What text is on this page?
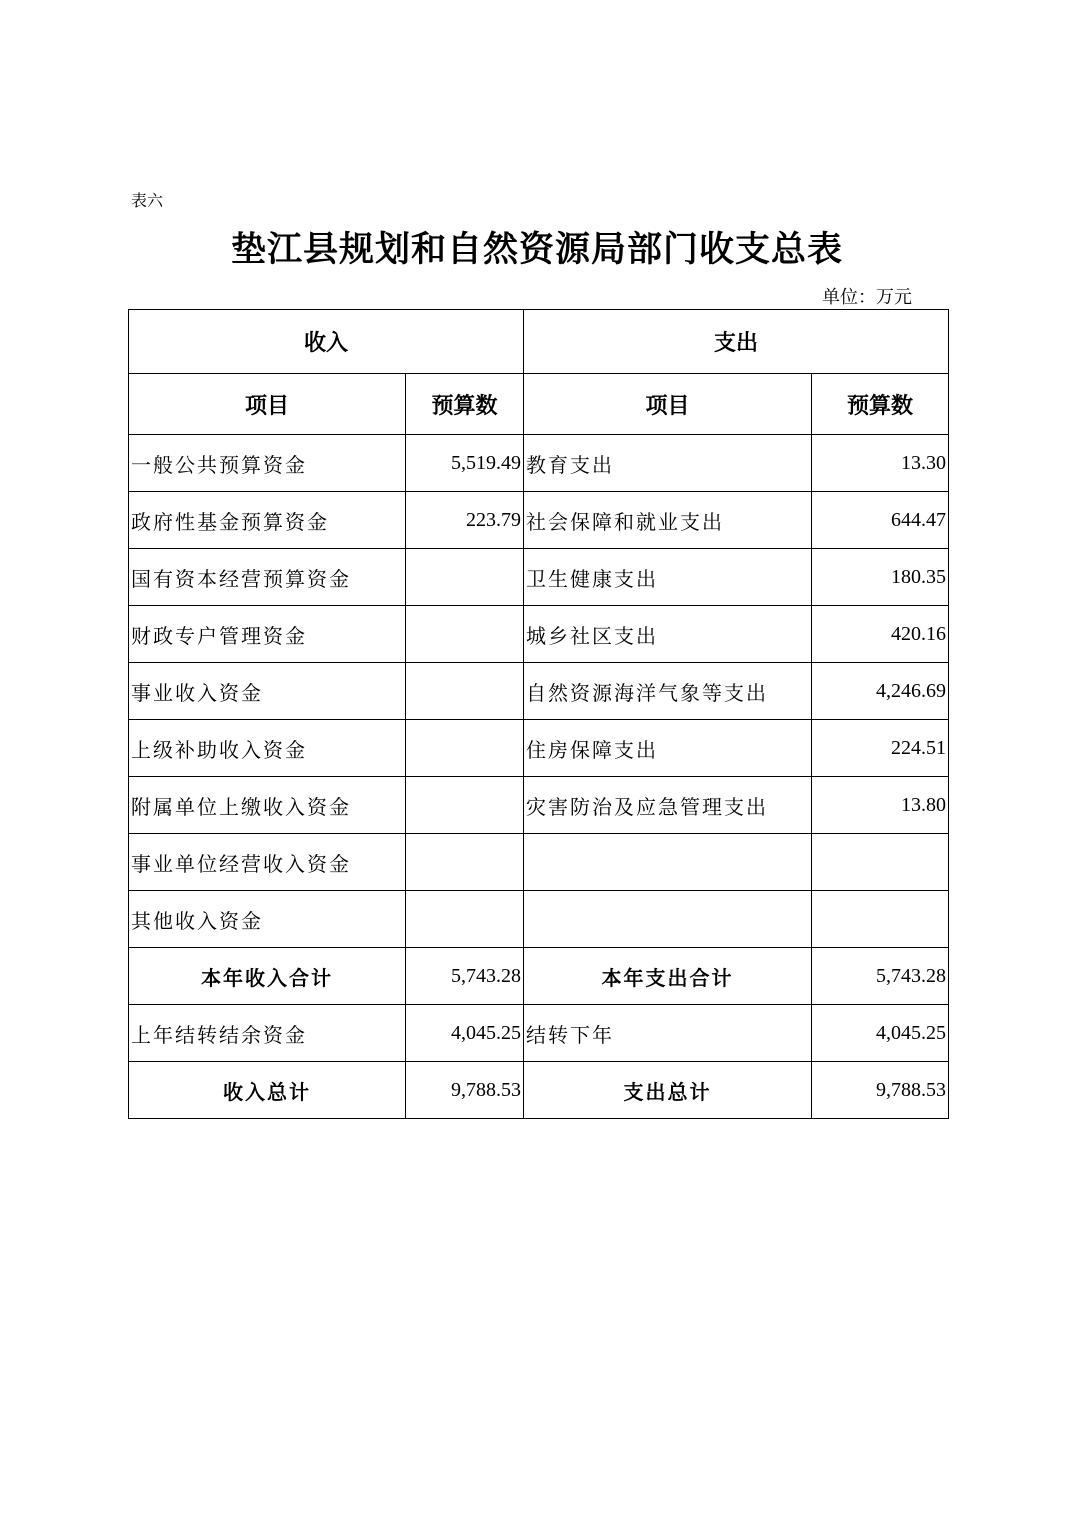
表六
垫江县规划和自然资源局部门收支总表
单位：万元
收入		支出	
项目	预算数	项目	预算数
一般公共预算资金	5,519.49	教育支出	13.30
政府性基金预算资金	223.79	社会保障和就业支出	644.47
国有资本经营预算资金		卫生健康支出	180.35
财政专户管理资金		城乡社区支出	420.16
事业收入资金		自然资源海洋气象等支出	4,246.69
上级补助收入资金		住房保障支出	224.51
附属单位上缴收入资金		灾害防治及应急管理支出	13.80
事业单位经营收入资金			
其他收入资金			
本年收入合计	5,743.28	本年支出合计	5,743.28
上年结转结余资金	4,045.25	结转下年	4,045.25
收入总计	9,788.53	支出总计	9,788.53
